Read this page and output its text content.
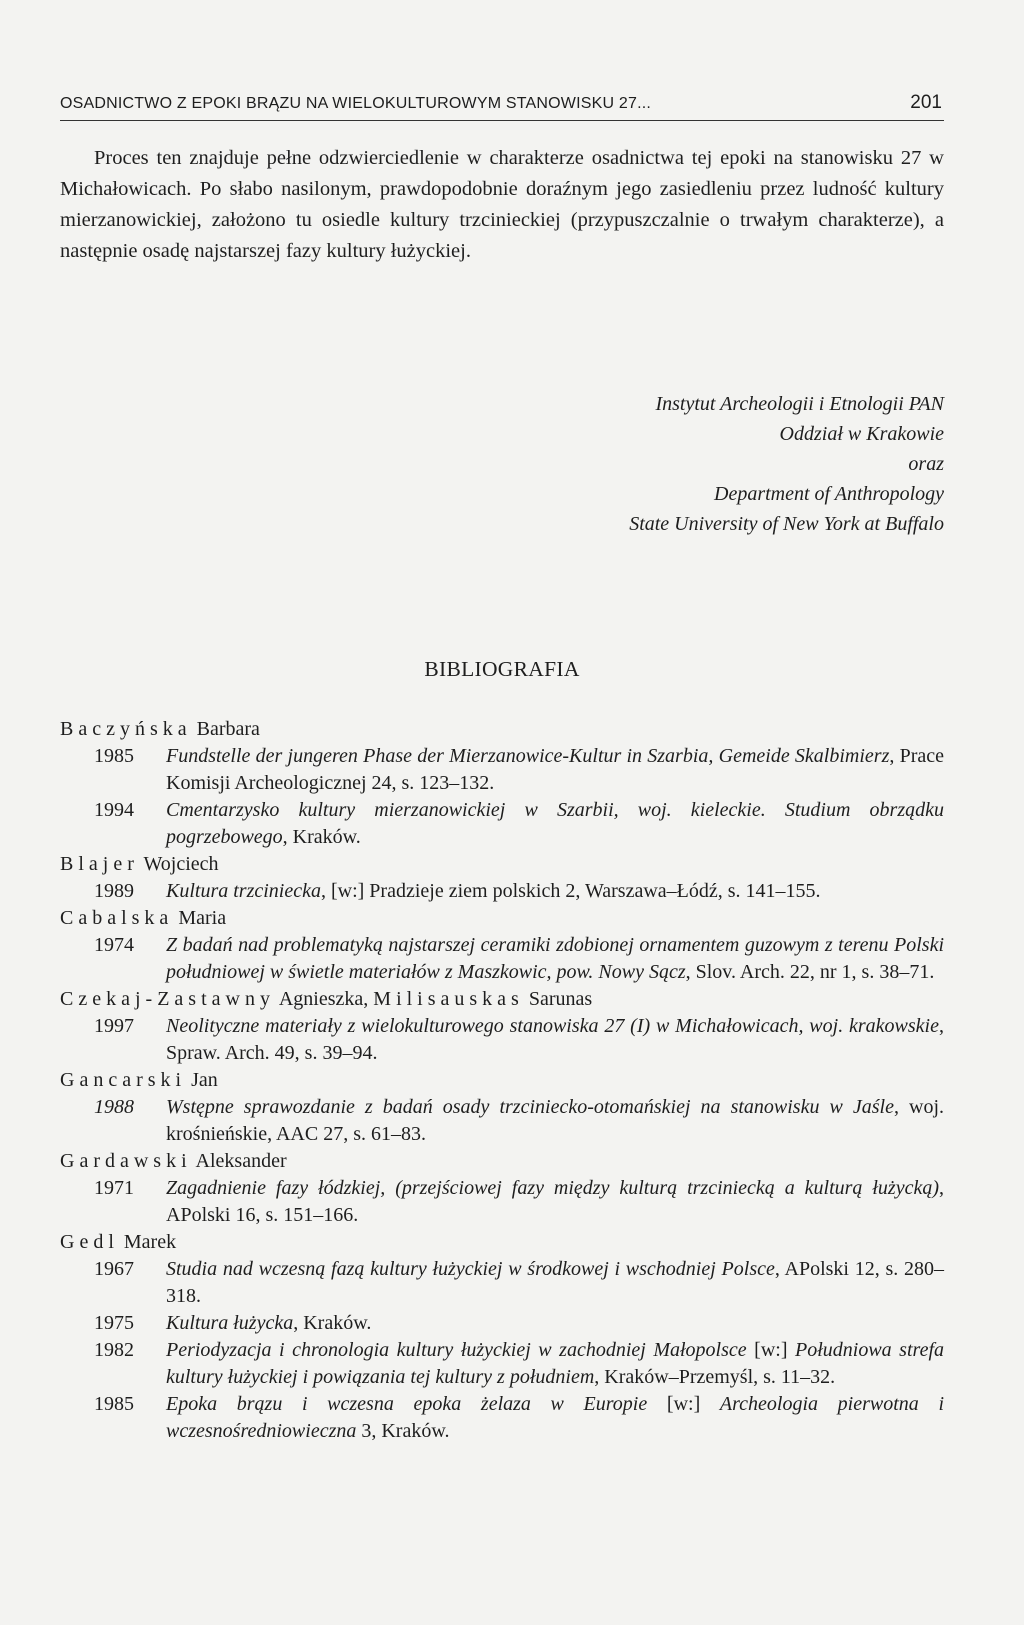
OSADNICTWO Z EPOKI BRĄZU NA WIELOKULTUROWYM STANOWISKU 27...	201

Proces ten znajduje pełne odzwierciedlenie w charakterze osadnictwa tej epoki na stanowisku 27 w Michałowicach. Po słabo nasilonym, prawdopodobnie doraźnym jego zasiedleniu przez ludność kultury mierzanowickiej, założono tu osiedle kultury trzcinieckiej (przypuszczalnie o trwałym charakterze), a następnie osadę najstarszej fazy kultury łużyckiej.

Instytut Archeologii i Etnologii PAN
Oddział w Krakowie
oraz
Department of Anthropology
State University of New York at Buffalo
BIBLIOGRAFIA
Baczyńska Barbara
1985	Fundstelle der jungeren Phase der Mierzanowice-Kultur in Szarbia, Gemeide Skalbimierz, Prace Komisji Archeologicznej 24, s. 123–132.
1994	Cmentarzysko kultury mierzanowickiej w Szarbii, woj. kieleckie. Studium obrządku pogrzebowego, Kraków.
Blajer Wojciech
1989	Kultura trzciniecka, [w:] Pradzieje ziem polskich 2, Warszawa–Łódź, s. 141–155.
Cabalska Maria
1974	Z badań nad problematyką najstarszej ceramiki zdobionej ornamentem guzowym z terenu Polski południowej w świetle materiałów z Maszkowic, pow. Nowy Sącz, Slov. Arch. 22, nr 1, s. 38–71.
Czekaj-Zastawny Agnieszka, Milisauskas Sarunas
1997	Neolityczne materiały z wielokulturowego stanowiska 27 (I) w Michałowicach, woj. krakowskie, Spraw. Arch. 49, s. 39–94.
Gancarski Jan
1988	Wstępne sprawozdanie z badań osady trzciniecko-otomańskiej na stanowisku w Jaśle, woj. krośnieńskie, AAC 27, s. 61–83.
Gardawski Aleksander
1971	Zagadnienie fazy łódzkiej, (przejściowej fazy między kulturą trzciniecką a kulturą łużycką), APolski 16, s. 151–166.
Gedl Marek
1967	Studia nad wczesną fazą kultury łużyckiej w środkowej i wschodniej Polsce, APolski 12, s. 280–318.
1975	Kultura łużycka, Kraków.
1982	Periodyzacja i chronologia kultury łużyckiej w zachodniej Małopolsce [w:] Południowa strefa kultury łużyckiej i powiązania tej kultury z południem, Kraków–Przemyśl, s. 11–32.
1985	Epoka brązu i wczesna epoka żelaza w Europie [w:] Archeologia pierwotna i wczesnośredniowieczna 3, Kraków.
